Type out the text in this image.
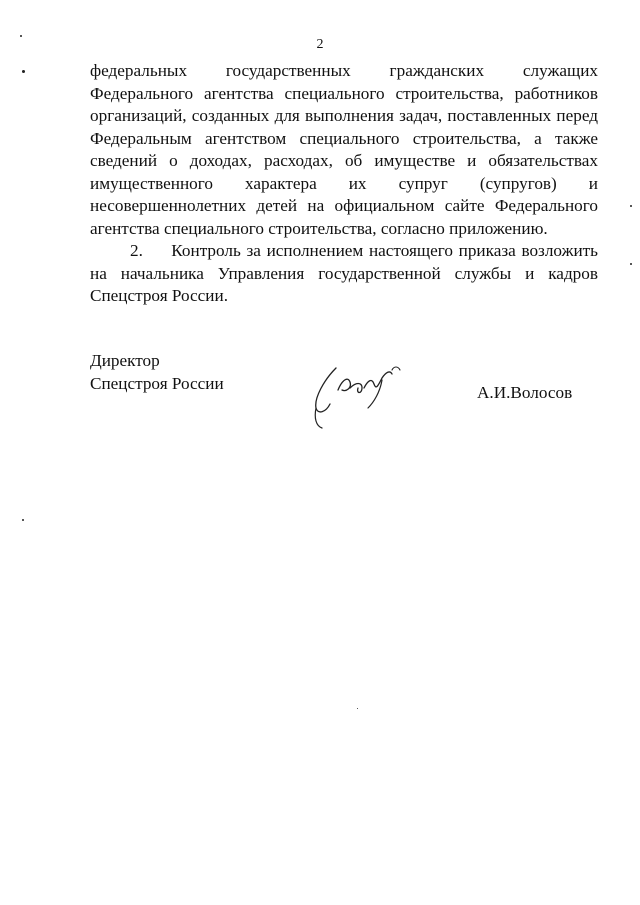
2

федеральных государственных гражданских служащих Федерального агентства специального строительства, работников организаций, созданных для выполнения задач, поставленных перед Федеральным агентством специального строительства, а также сведений о доходах, расходах, об имуществе и обязательствах имущественного характера их супруг (супругов) и несовершеннолетних детей на официальном сайте Федерального агентства специального строительства, согласно приложению.

2.     Контроль за исполнением настоящего приказа возложить на начальника Управления государственной службы и кадров Спецстроя России.

Директор
Спецстроя России	А.И.Волосов
